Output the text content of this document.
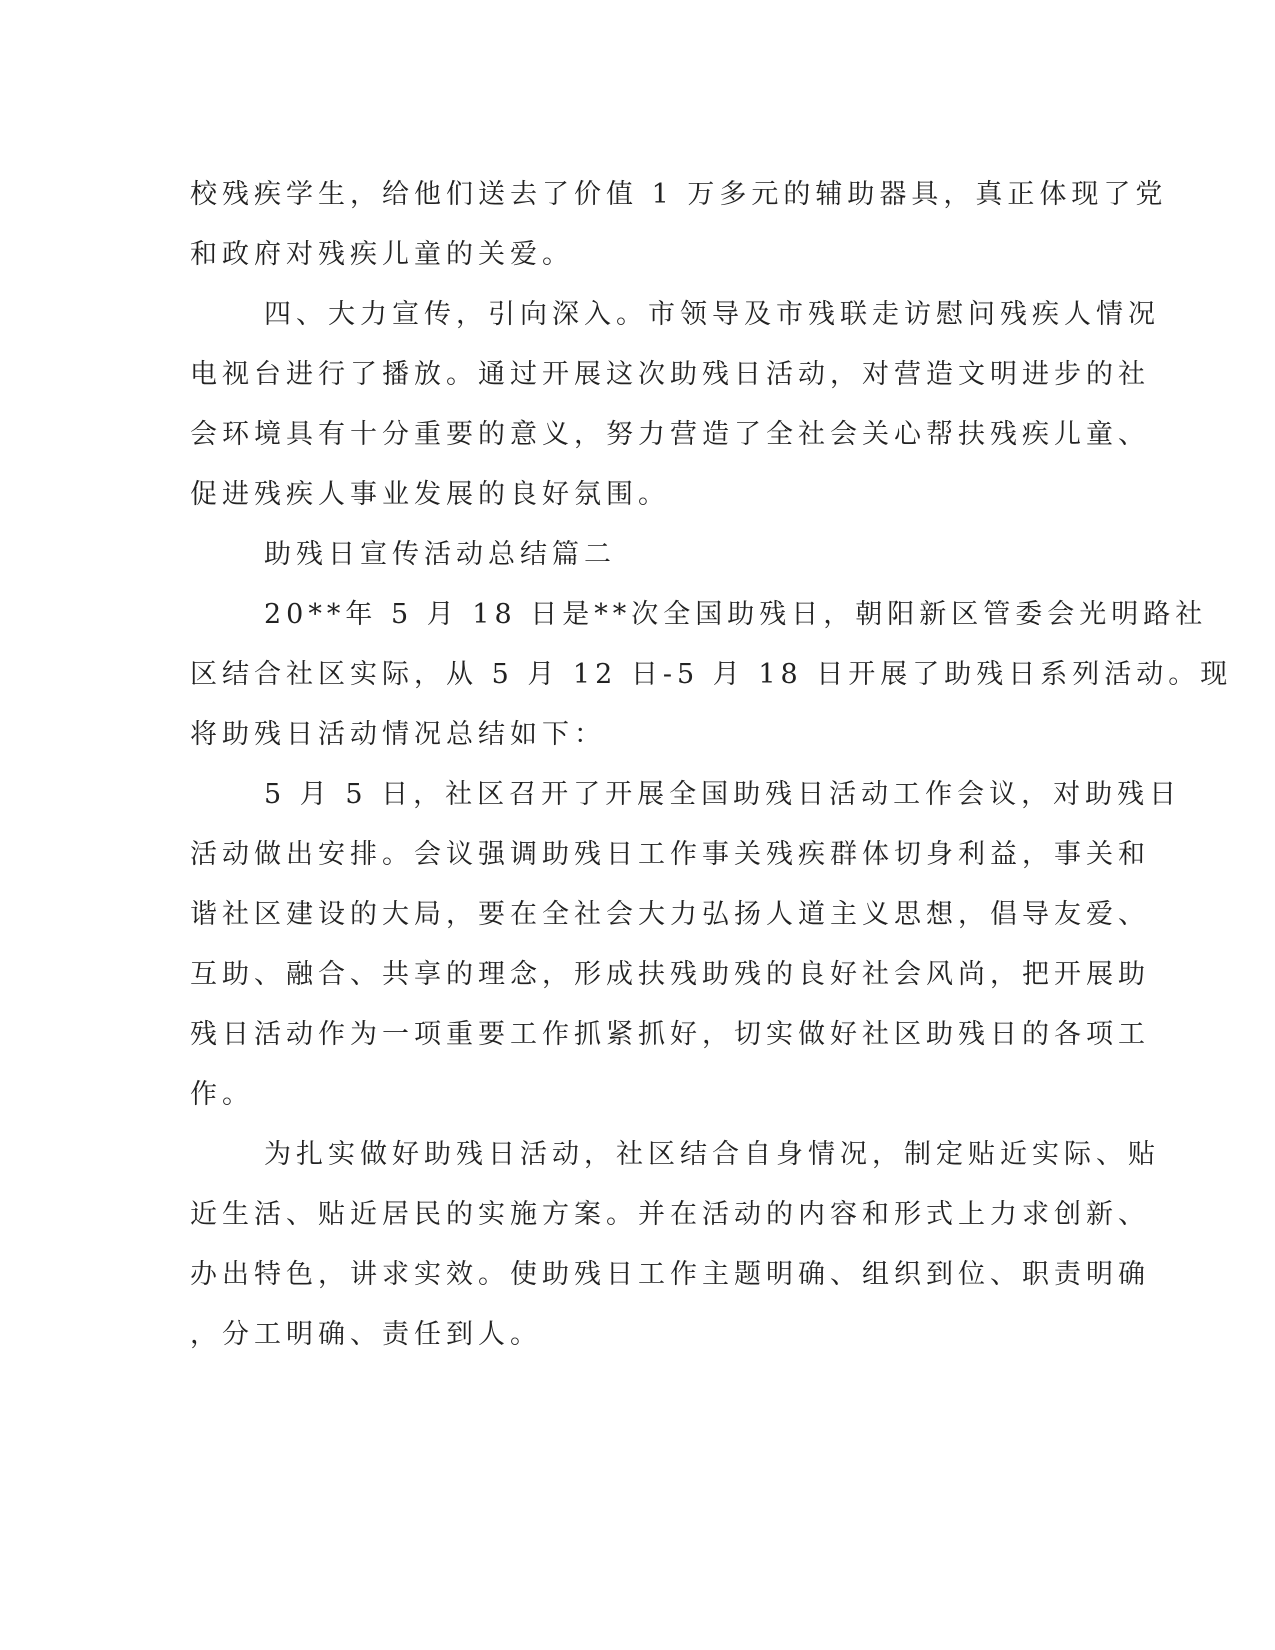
校残疾学生，给他们送去了价值 1 万多元的辅助器具，真正体现了党
和政府对残疾儿童的关爱。
四、大力宣传，引向深入。市领导及市残联走访慰问残疾人情况
电视台进行了播放。通过开展这次助残日活动，对营造文明进步的社
会环境具有十分重要的意义，努力营造了全社会关心帮扶残疾儿童、
促进残疾人事业发展的良好氛围。
助残日宣传活动总结篇二
20**年 5 月 18 日是**次全国助残日，朝阳新区管委会光明路社
区结合社区实际，从 5 月 12 日-5 月 18 日开展了助残日系列活动。现
将助残日活动情况总结如下：
5 月 5 日，社区召开了开展全国助残日活动工作会议，对助残日
活动做出安排。会议强调助残日工作事关残疾群体切身利益，事关和
谐社区建设的大局，要在全社会大力弘扬人道主义思想，倡导友爱、
互助、融合、共享的理念，形成扶残助残的良好社会风尚，把开展助
残日活动作为一项重要工作抓紧抓好，切实做好社区助残日的各项工
作。
为扎实做好助残日活动，社区结合自身情况，制定贴近实际、贴
近生活、贴近居民的实施方案。并在活动的内容和形式上力求创新、
办出特色，讲求实效。使助残日工作主题明确、组织到位、职责明确
，分工明确、责任到人。
